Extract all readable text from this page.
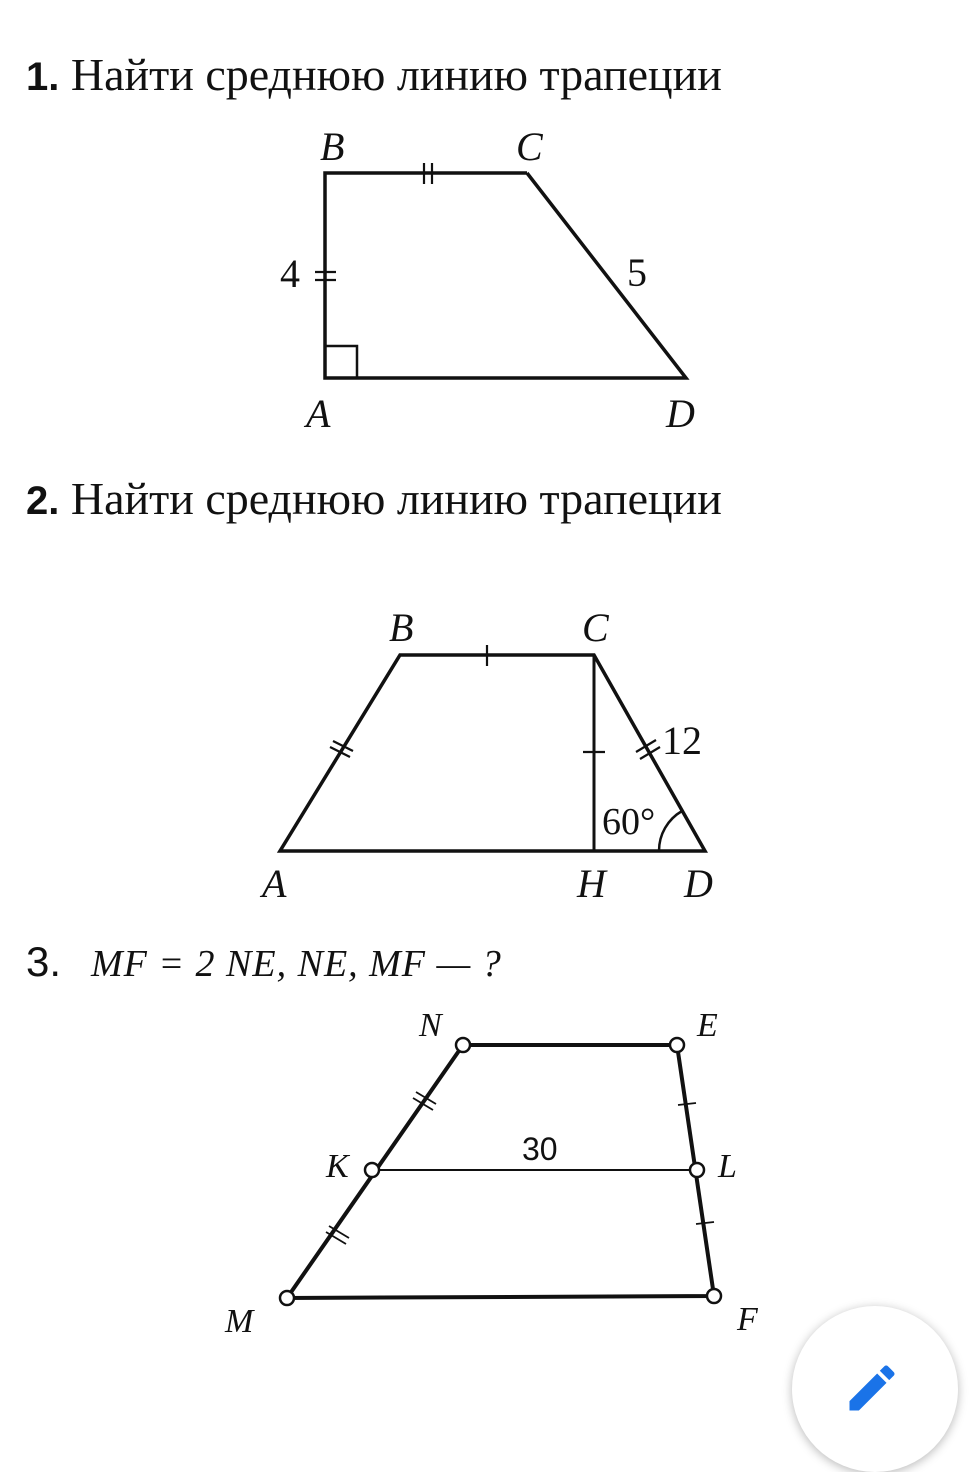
1. Найти среднюю линию трапеции
2. Найти среднюю линию трапеции
3. MF = 2 NE, NE, MF — ?
B	C
A	D
4	5
B	C
A	H D
12
60°
N	E
K	L
M	F
30
